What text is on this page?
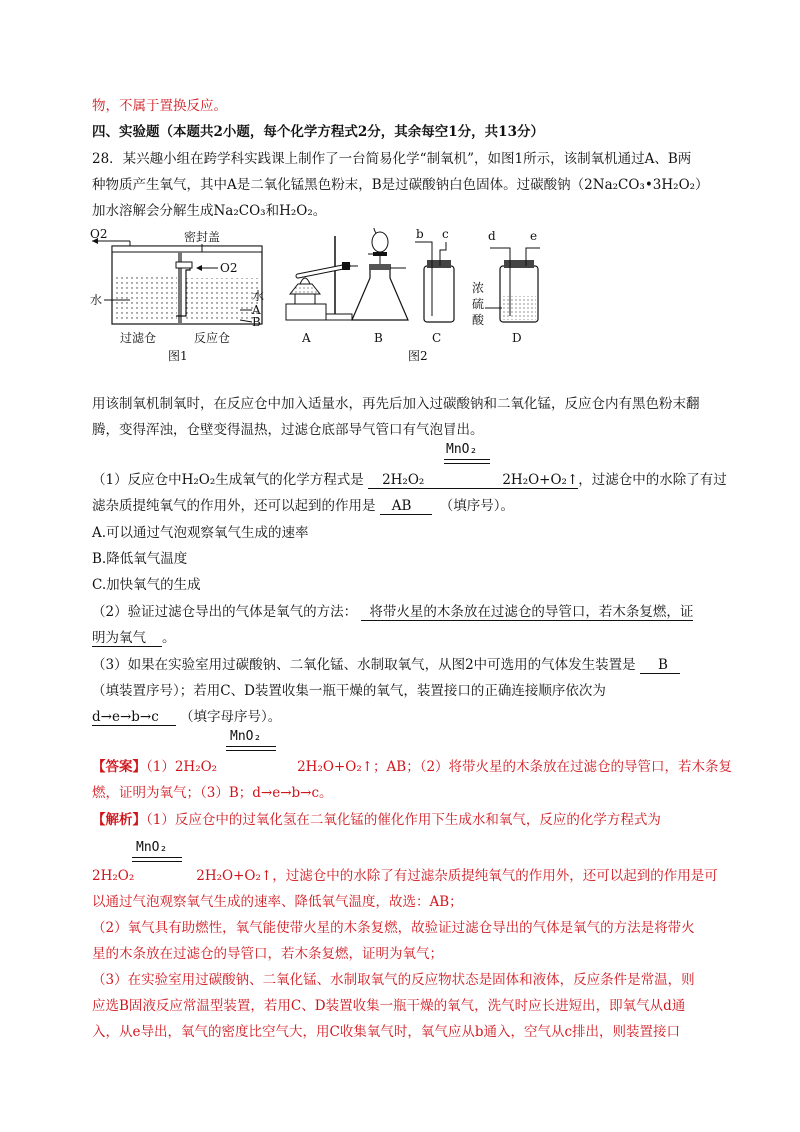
物，不属于置换反应。
四、实验题（本题共2小题，每个化学方程式2分，其余每空1分，共13分）
28．某兴趣小组在跨学科实践课上制作了一台简易化学“制氧机”，如图1所示，该制氧机通过A、B两
种物质产生氧气，其中A是二氧化锰黑色粉末，B是过碳酸钠白色固体。过碳酸钠（2Na₂CO₃•3H₂O₂）
加水溶解会分解生成Na₂CO₃和H₂O₂。
O2	密封盖
O2
水	水
A
B
过滤仓	反应仓
图1
A	B
b c
C
d	e
浓
硫
酸
D
图2
用该制氧机制氧时，在反应仓中加入适量水，再先后加入过碳酸钠和二氧化锰，反应仓内有黑色粉末翻
腾，变得浑浊，仓壁变得温热，过滤仓底部导气管口有气泡冒出。
MnO₂
（1）反应仓中H₂O₂生成氧气的化学方程式是 2H₂O₂	2H₂O+O₂↑，过滤仓中的水除了有过
滤杂质提纯氧气的作用外，还可以起到的作用是 AB （填序号）。
A.可以通过气泡观察氧气生成的速率
B.降低氧气温度
C.加快氧气的生成
（2）验证过滤仓导出的气体是氧气的方法： 将带火星的木条放在过滤仓的导管口，若木条复燃，证
明为氧气 。
（3）如果在实验室用过碳酸钠、二氧化锰、水制取氧气，从图2中可选用的气体发生装置是 B
（填装置序号）；若用C、D装置收集一瓶干燥的氧气，装置接口的正确连接顺序依次为
d→e→b→c （填字母序号）。
MnO₂
【答案】（1）2H₂O₂	2H₂O+O₂↑；AB；（2）将带火星的木条放在过滤仓的导管口，若木条复
燃，证明为氧气；（3）B；d→e→b→c。
【解析】（1）反应仓中的过氧化氢在二氧化锰的催化作用下生成水和氧气，反应的化学方程式为
MnO₂
2H₂O₂	2H₂O+O₂↑，过滤仓中的水除了有过滤杂质提纯氧气的作用外，还可以起到的作用是可
以通过气泡观察氧气生成的速率、降低氧气温度，故选：AB；
（2）氧气具有助燃性，氧气能使带火星的木条复燃，故验证过滤仓导出的气体是氧气的方法是将带火
星的木条放在过滤仓的导管口，若木条复燃，证明为氧气；
（3）在实验室用过碳酸钠、二氧化锰、水制取氧气的反应物状态是固体和液体，反应条件是常温，则
应选B固液反应常温型装置，若用C、D装置收集一瓶干燥的氧气，洗气时应长进短出，即氧气从d通
入，从e导出，氧气的密度比空气大，用C收集氧气时，氧气应从b通入，空气从c排出，则装置接口
